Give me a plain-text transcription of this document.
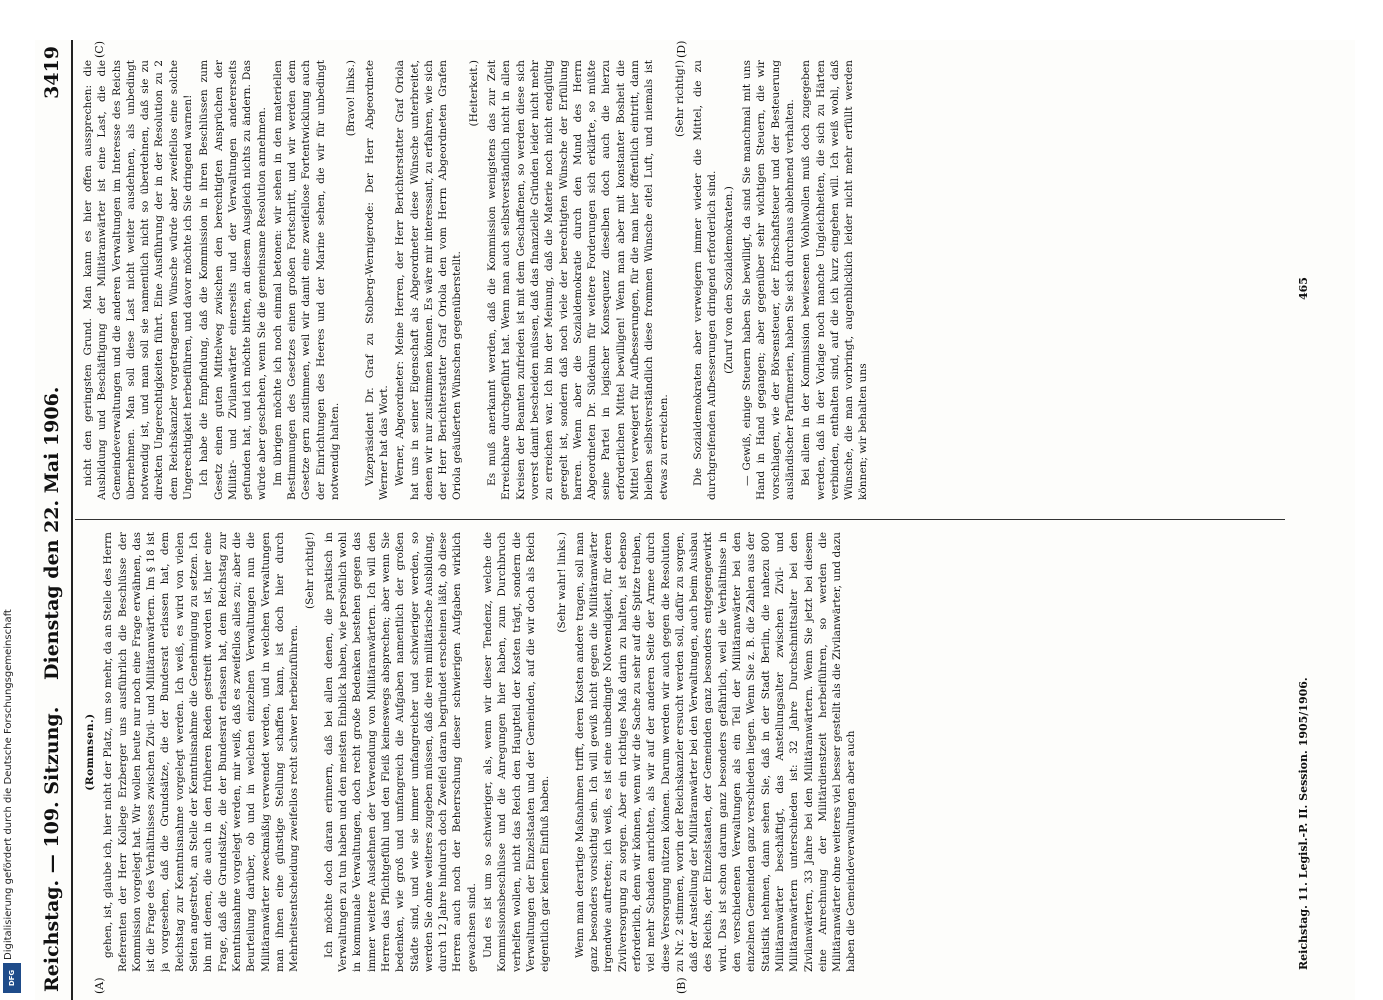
Digitalisierung gefördert durch die Deutsche Forschungsgemeinschaft
DFG Reichstag. — 109. Sitzung.
Dienstag den 22. Mai 1906.
3419
(A)	(B)
(C)	(D)

(Rommsen.) gehen, ist, glaube ich, hier nicht der Platz, um so mehr, da an Stelle des Herrn Referenten der Herr Kollege Erzberger uns ausführlich die Beschlüsse der Kommission vorgelegt hat. Wir wollen heute nur noch eine Frage erwähnen, das ist die Frage des Verhältnisses zwischen Zivil- und Militäranwärtern. Im § 18 ist ja vorgesehen, daß die Grundsätze, die der Bundesrat erlassen hat, dem Reichstag zur Kenntnisnahme vorgelegt werden. Ich weiß, es wird von vielen Seiten angestrebt, an Stelle der Kenntnisnahme die Genehmigung zu setzen. Ich bin mit denen, die auch in den früheren Reden gestreift worden ist, hier eine Frage, daß die Grundsätze, die der Bundesrat erlassen hat, dem Reichstag zur Kenntnisnahme vorgelegt werden, mir weiß, daß es zweifellos alles zu; aber die Beurteilung darüber, ob und in welchen einzelnen Verwaltungen nun die Militäranwärter zweckmäßig verwendet werden, und in welchen Verwaltungen man ihnen eine günstige Stellung schaffen kann, ist doch hier durch Mehrheitsentscheidung zweifellos recht schwer herbeizuführen.

(Sehr richtig!) Ich möchte doch daran erinnern, daß bei allen denen, die praktisch in Verwaltungen zu tun haben und den meisten Einblick haben, wie persönlich wohl in kommunale Verwaltungen, doch recht große Bedenken bestehen gegen das immer weitere Ausdehnen der Verwendung von Militäranwärtern. Ich will den Herren das Pflichtgefühl und den Fleiß keineswegs absprechen; aber wenn Sie bedenken, wie groß und umfangreich die Aufgaben namentlich der großen Städte sind, und wie sie immer umfangreicher und schwieriger werden, so werden Sie ohne weiteres zugeben müssen, daß die rein militärische Ausbildung, durch 12 Jahre hindurch doch Zweifel daran begründet erscheinen läßt, ob diese Herren auch noch der Beherrschung dieser schwierigen Aufgaben wirklich gewachsen sind. Und es ist um so schwieriger, als, wenn wir dieser Tendenz, welche die Kommissionsbeschlüsse und die Anregungen hier haben, zum Durchbruch verhelfen wollen, nicht das Reich den Hauptteil der Kosten trägt, sondern die Verwaltungen der Einzelstaaten und der Gemeinden, auf die wir doch als Reich eigentlich gar keinen Einfluß haben.

(Sehr wahr! links.) Wenn man derartige Maßnahmen trifft, deren Kosten andere tragen, soll man ganz besonders vorsichtig sein. Ich will gewiß nicht gegen die Militäranwärter irgendwie auftreten; ich weiß, es ist eine unbedingte Notwendigkeit, für deren Zivilversorgung zu sorgen. Aber ein richtiges Maß darin zu halten, ist ebenso erforderlich, denn wir können, wenn wir die Sache zu sehr auf die Spitze treiben, viel mehr Schaden anrichten, als wir auf der anderen Seite der Armee durch diese Versorgung nützen können. Darum werden wir auch gegen die Resolution zu Nr. 2 stimmen, worin der Reichskanzler ersucht werden soll, dafür zu sorgen, daß der Anstellung der Militäranwärter bei den Verwaltungen, auch beim Ausbau des Reichs, der Einzelstaaten, der Gemeinden ganz besonders entgegengewirkt wird. Das ist schon darum ganz besonders gefährlich, weil die Verhältnisse in den verschiedenen Verwaltungen als ein Teil der Militäranwärter bei den einzelnen Gemeinden ganz verschieden liegen. Wenn Sie z. B. die Zahlen aus der Statistik nehmen, dann sehen Sie, daß in der Stadt Berlin, die nahezu 800 Militäranwärter beschäftigt, das Anstellungsalter zwischen Zivil- und Militäranwärtern unterschieden ist: 32 Jahre Durchschnittsalter bei den Zivilanwärtern, 33 Jahre bei den Militäranwärtern. Wenn Sie jetzt bei diesem eine Anrechnung der Militärdienstzeit herbeiführen, so werden die Militäranwärter ohne weiteres viel besser gestellt als die Zivilanwärter, und dazu haben die Gemeindeverwaltungen aber auch

nicht den geringsten Grund. Man kann es hier offen aussprechen: die Ausbildung und Beschäftigung der Militäranwärter ist eine Last, die die Gemeindeverwaltungen und die anderen Verwaltungen im Interesse des Reichs übernehmen. Man soll diese Last nicht weiter ausdehnen, als unbedingt notwendig ist, und man soll sie namentlich nicht so überdehnen, daß sie zu direkten Ungerechtigkeiten führt. Eine Ausführung der in der Resolution zu 2 dem Reichskanzler vorgetragenen Wünsche würde aber zweifellos eine solche Ungerechtigkeit herbeiführen, und davor möchte ich Sie dringend warnen! Ich habe die Empfindung, daß die Kommission in ihren Beschlüssen zum Gesetz einen guten Mittelweg zwischen den berechtigten Ansprüchen der Militär- und Zivilanwärter einerseits und der Verwaltungen andererseits gefunden hat, und ich möchte bitten, an diesem Ausgleich nichts zu ändern. Das würde aber geschehen, wenn Sie die gemeinsame Resolution annehmen. Im übrigen möchte ich noch einmal betonen: wir sehen in den materiellen Bestimmungen des Gesetzes einen großen Fortschritt, und wir werden dem Gesetze gern zustimmen, weil wir damit eine zweifellose Fortentwicklung auch der Einrichtungen des Heeres und der Marine sehen, die wir für unbedingt notwendig halten.

(Bravo! links.) Vizepräsident Dr. Graf zu Stolberg-Wernigerode: Der Herr Abgeordnete Werner hat das Wort. Werner, Abgeordneter: Meine Herren, der Herr Berichterstatter Graf Oriola hat uns in seiner Eigenschaft als Abgeordneter diese Wünsche unterbreitet, denen wir nur zustimmen können. Es wäre mir interessant, zu erfahren, wie sich der Herr Berichterstatter Graf Oriola den vom Herrn Abgeordneten Grafen Oriola geäußerten Wünschen gegenüberstellt.

(Heiterkeit.) Es muß anerkannt werden, daß die Kommission wenigstens das zur Zeit Erreichbare durchgeführt hat. Wenn man auch selbstverständlich nicht in allen Kreisen der Beamten zufrieden ist mit dem Geschaffenen, so werden diese sich vorerst damit bescheiden müssen, daß das finanzielle Gründen leider nicht mehr zu erreichen war. Ich bin der Meinung, daß die Materie noch nicht endgültig geregelt ist, sondern daß noch viele der berechtigten Wünsche der Erfüllung harren. Wenn aber die Sozialdemokratie durch den Mund des Herrn Abgeordneten Dr. Südekum für weitere Forderungen sich erklärte, so müßte seine Partei in logischer Konsequenz dieselben doch auch die hierzu erforderlichen Mittel bewilligen! Wenn man aber mit konstanter Bosheit die Mittel verweigert für Aufbesserungen, für die man hier öffentlich eintritt, dann bleiben selbstverständlich diese frommen Wünsche eitel Luft, und niemals ist etwas zu erreichen.

(Sehr richtig!) Die Sozialdemokraten aber verweigern immer wieder die Mittel, die zu durchgreifenden Aufbesserungen dringend erforderlich sind. (Zuruf von den Sozialdemokraten.) — Gewiß, einige Steuern haben Sie bewilligt, da sind Sie manchmal mit uns Hand in Hand gegangen; aber gegenüber sehr wichtigen Steuern, die wir vorschlagen, wie der Börsensteuer, der Erbschaftsteuer und der Besteuerung ausländischer Parfümerien, haben Sie sich durchaus ablehnend verhalten. Bei allem in der Kommission bewiesenen Wohlwollen muß doch zugegeben werden, daß in der Vorlage noch manche Ungleichheiten, die sich zu Härten verbinden, enthalten sind, auf die ich kurz eingehen will. Ich weiß wohl, daß Wünsche, die man vorbringt, augenblicklich leider nicht mehr erfüllt werden können; wir behalten uns

Reichstag. 11. Legisl.-P. II. Session. 1905/1906.
465
